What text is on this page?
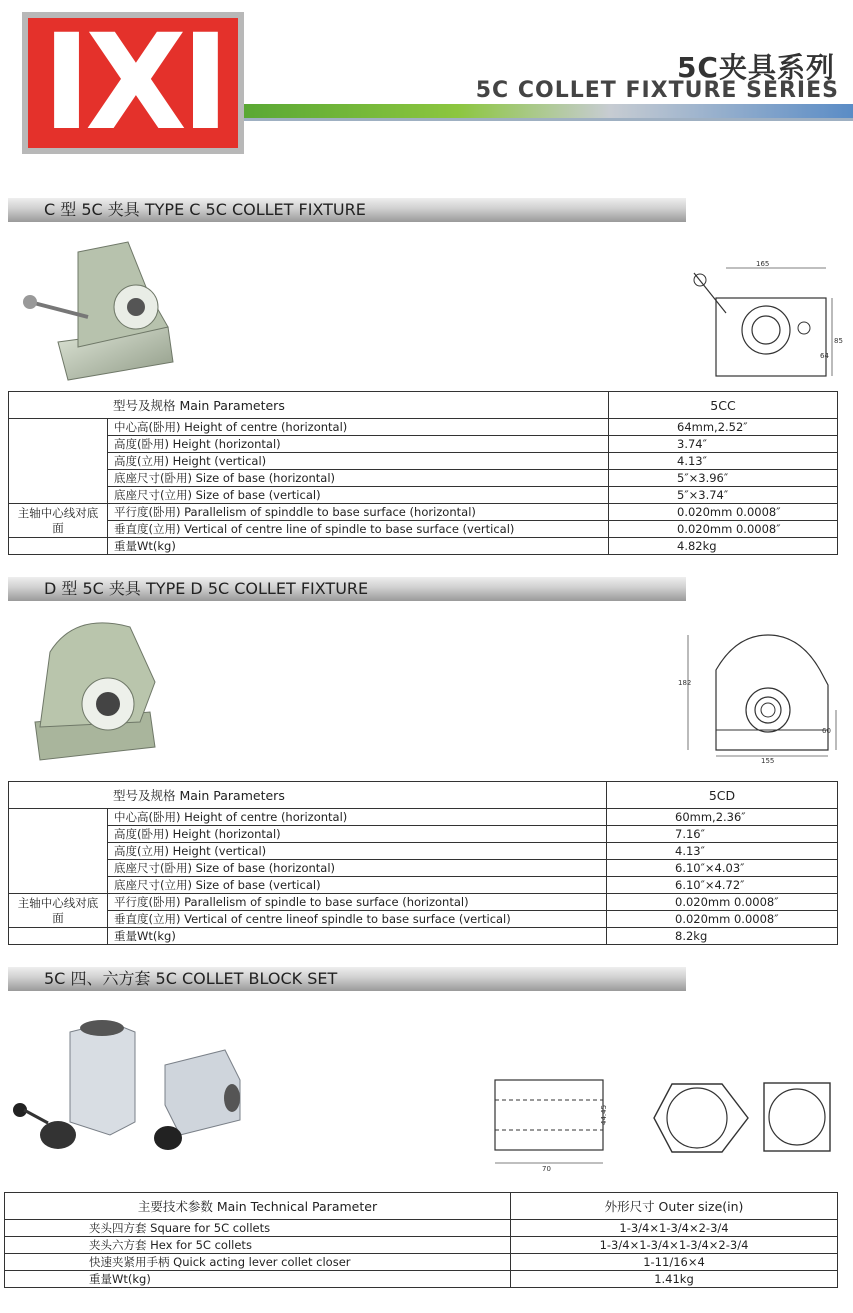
IXI	5C夹具系列
5C COLLET FIXTURE SERIES
C 型 5C 夹具 TYPE C 5C COLLET FIXTURE
165
85
64
型号及规格 Main Parameters		5CC
	中心高(卧用) Height of centre (horizontal)	64mm,2.52″
	高度(卧用) Height (horizontal)	3.74″
	高度(立用) Height (vertical)	4.13″
	底座尺寸(卧用) Size of base (horizontal)	5″×3.96″
	底座尺寸(立用) Size of base (vertical)	5″×3.74″
主轴中心线对底面	平行度(卧用) Parallelism of spinddle to base surface (horizontal)	0.020mm 0.0008″
	垂直度(立用) Vertical of centre line of spindle to base surface (vertical)	0.020mm 0.0008″
	重量Wt(kg)	4.82kg
D 型 5C 夹具 TYPE D 5C COLLET FIXTURE
182
60
155
型号及规格 Main Parameters		5CD
	中心高(卧用) Height of centre (horizontal)	60mm,2.36″
	高度(卧用) Height (horizontal)	7.16″
	高度(立用) Height (vertical)	4.13″
	底座尺寸(卧用) Size of base (horizontal)	6.10″×4.03″
	底座尺寸(立用) Size of base (vertical)	6.10″×4.72″
主轴中心线对底面	平行度(卧用) Parallelism of spindle to base surface (horizontal)	0.020mm 0.0008″
	垂直度(立用) Vertical of centre lineof spindle to base surface (vertical)	0.020mm 0.0008″
	重量Wt(kg)	8.2kg
5C 四、六方套 5C COLLET BLOCK SET
70
44.45
主要技术参数 Main Technical Parameter	外形尺寸 Outer size(in)
夹头四方套 Square for 5C collets	1-3/4×1-3/4×2-3/4
夹头六方套 Hex for 5C collets	1-3/4×1-3/4×1-3/4×2-3/4
快速夹紧用手柄 Quick acting lever collet closer	1-11/16×4
重量Wt(kg)	1.41kg
